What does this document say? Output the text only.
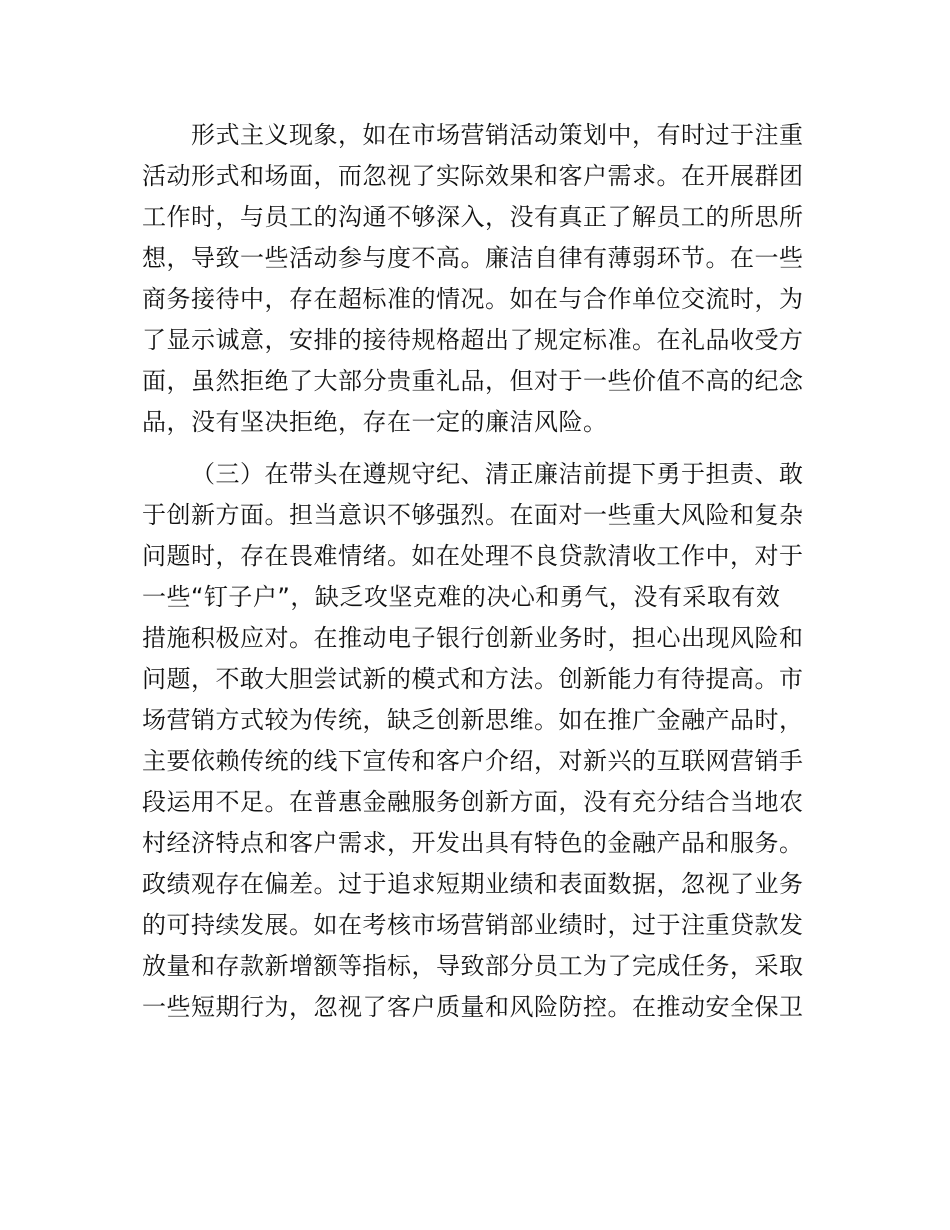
形式主义现象，如在市场营销活动策划中，有时过于注重
活动形式和场面，而忽视了实际效果和客户需求。在开展群团
工作时，与员工的沟通不够深入，没有真正了解员工的所思所
想，导致一些活动参与度不高。廉洁自律有薄弱环节。在一些
商务接待中，存在超标准的情况。如在与合作单位交流时，为
了显示诚意，安排的接待规格超出了规定标准。在礼品收受方
面，虽然拒绝了大部分贵重礼品，但对于一些价值不高的纪念
品，没有坚决拒绝，存在一定的廉洁风险。
（三）在带头在遵规守纪、清正廉洁前提下勇于担责、敢
于创新方面。担当意识不够强烈。在面对一些重大风险和复杂
问题时，存在畏难情绪。如在处理不良贷款清收工作中，对于
一些“钉子户”，缺乏攻坚克难的决心和勇气，没有采取有效
措施积极应对。在推动电子银行创新业务时，担心出现风险和
问题，不敢大胆尝试新的模式和方法。创新能力有待提高。市
场营销方式较为传统，缺乏创新思维。如在推广金融产品时，
主要依赖传统的线下宣传和客户介绍，对新兴的互联网营销手
段运用不足。在普惠金融服务创新方面，没有充分结合当地农
村经济特点和客户需求，开发出具有特色的金融产品和服务。
政绩观存在偏差。过于追求短期业绩和表面数据，忽视了业务
的可持续发展。如在考核市场营销部业绩时，过于注重贷款发
放量和存款新增额等指标，导致部分员工为了完成任务，采取
一些短期行为，忽视了客户质量和风险防控。在推动安全保卫
